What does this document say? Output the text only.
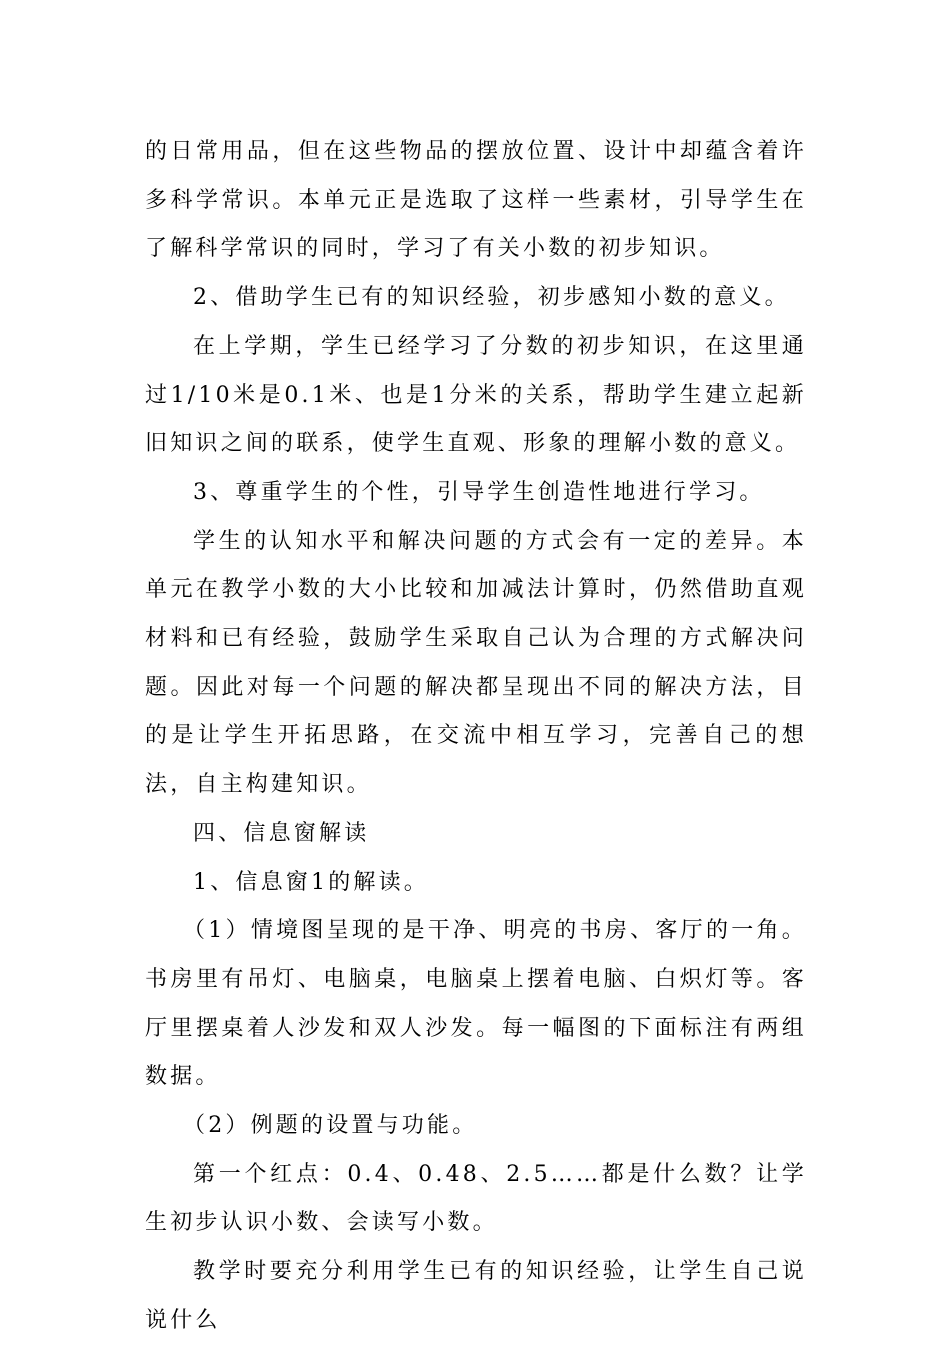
的日常用品，但在这些物品的摆放位置、设计中却蕴含着许多科学常识。本单元正是选取了这样一些素材，引导学生在了解科学常识的同时，学习了有关小数的初步知识。

2、借助学生已有的知识经验，初步感知小数的意义。

在上学期，学生已经学习了分数的初步知识，在这里通过1/10米是0.1米、也是1分米的关系，帮助学生建立起新旧知识之间的联系，使学生直观、形象的理解小数的意义。

3、尊重学生的个性，引导学生创造性地进行学习。

学生的认知水平和解决问题的方式会有一定的差异。本单元在教学小数的大小比较和加减法计算时，仍然借助直观材料和已有经验，鼓励学生采取自己认为合理的方式解决问题。因此对每一个问题的解决都呈现出不同的解决方法，目的是让学生开拓思路，在交流中相互学习，完善自己的想法，自主构建知识。

四、信息窗解读

1、信息窗1的解读。

（1）情境图呈现的是干净、明亮的书房、客厅的一角。书房里有吊灯、电脑桌，电脑桌上摆着电脑、白炽灯等。客厅里摆桌着人沙发和双人沙发。每一幅图的下面标注有两组数据。

（2）例题的设置与功能。

第一个红点：0.4、0.48、2.5……都是什么数？让学生初步认识小数、会读写小数。

教学时要充分利用学生已有的知识经验，让学生自己说说什么
